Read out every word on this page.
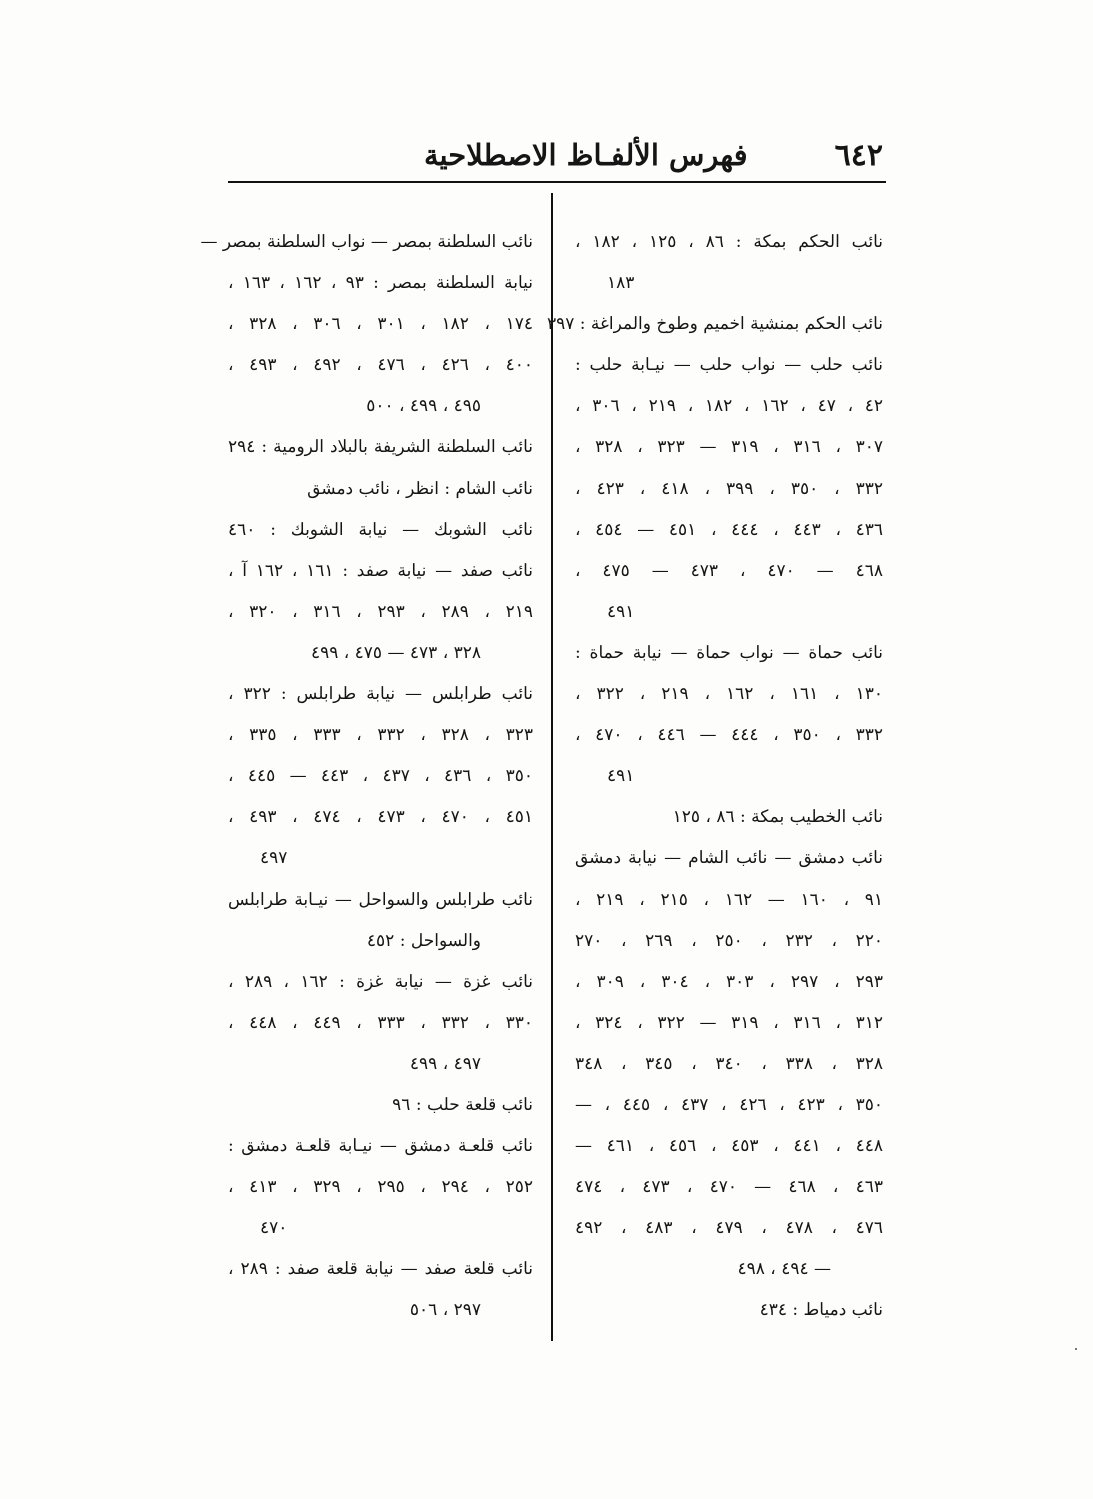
٦٤٢
فهرس الألفـاظ الاصطلاحية
نائب الحكم بمكة : ٨٦ ، ١٢٥ ، ١٨٢ ،
١٨٣
نائب الحكم بمنشية اخميم وطوخ والمراغة : ٣٩٧
نائب حلب — نواب حلب — نيـابة حلب :
٤٢ ، ٤٧ ، ١٦٢ ، ١٨٢ ، ٢١٩ ، ٣٠٦ ،
٣٠٧ ، ٣١٦ ، ٣١٩ — ٣٢٣ ، ٣٢٨ ،
٣٣٢ ، ٣٥٠ ، ٣٩٩ ، ٤١٨ ، ٤٢٣ ،
٤٣٦ ، ٤٤٣ ، ٤٤٤ ، ٤٥١ — ٤٥٤ ،
٤٦٨ — ٤٧٠ ، ٤٧٣ — ٤٧٥ ،
٤٩١
نائب حماة — نواب حماة — نيابة حماة :
١٣٠ ، ١٦١ ، ١٦٢ ، ٢١٩ ، ٣٢٢ ،
٣٣٢ ، ٣٥٠ ، ٤٤٤ — ٤٤٦ ، ٤٧٠ ،
٤٩١
نائب الخطيب بمكة : ٨٦ ، ١٢٥
نائب دمشق — نائب الشام — نيابة دمشق
٩١ ، ١٦٠ — ١٦٢ ، ٢١٥ ، ٢١٩ ،
٢٢٠ ، ٢٣٢ ، ٢٥٠ ، ٢٦٩ ، ٢٧٠
٢٩٣ ، ٢٩٧ ، ٣٠٣ ، ٣٠٤ ، ٣٠٩ ،
٣١٢ ، ٣١٦ ، ٣١٩ — ٣٢٢ ، ٣٢٤ ،
٣٢٨ ، ٣٣٨ ، ٣٤٠ ، ٣٤٥ ، ٣٤٨
٣٥٠ ، ٤٢٣ ، ٤٢٦ ، ٤٣٧ ، ٤٤٥ ، —
٤٤٨ ، ٤٤١ ، ٤٥٣ ، ٤٥٦ ، ٤٦١ —
٤٦٣ ، ٤٦٨ — ٤٧٠ ، ٤٧٣ ، ٤٧٤
٤٧٦ ، ٤٧٨ ، ٤٧٩ ، ٤٨٣ ، ٤٩٢
— ٤٩٤ ، ٤٩٨
نائب دمياط : ٤٣٤
نائب السلطنة بمصر — نواب السلطنة بمصر —
نيابة السلطنة بمصر : ٩٣ ، ١٦٢ ، ١٦٣ ،
١٧٤ ، ١٨٢ ، ٣٠١ ، ٣٠٦ ، ٣٢٨ ،
٤٠٠ ، ٤٢٦ ، ٤٧٦ ، ٤٩٢ ، ٤٩٣ ،
٤٩٥ ، ٤٩٩ ، ٥٠٠
نائب السلطنة الشريفة بالبلاد الرومية : ٢٩٤
نائب الشام : انظر ، نائب دمشق
نائب الشوبك — نيابة الشوبك : ٤٦٠
نائب صفد — نيابة صفد : ١٦١ ، ١٦٢ آ ،
٢١٩ ، ٢٨٩ ، ٢٩٣ ، ٣١٦ ، ٣٢٠ ،
٣٢٨ ، ٤٧٣ — ٤٧٥ ، ٤٩٩
نائب طرابلس — نيابة طرابلس : ٣٢٢ ،
٣٢٣ ، ٣٢٨ ، ٣٣٢ ، ٣٣٣ ، ٣٣٥ ،
٣٥٠ ، ٤٣٦ ، ٤٣٧ ، ٤٤٣ — ٤٤٥ ،
٤٥١ ، ٤٧٠ ، ٤٧٣ ، ٤٧٤ ، ٤٩٣ ،
٤٩٧
نائب طرابلس والسواحل — نيـابة طرابلس
والسواحل : ٤٥٢
نائب غزة — نيابة غزة : ١٦٢ ، ٢٨٩ ،
٣٣٠ ، ٣٣٢ ، ٣٣٣ ، ٤٤٩ ، ٤٤٨ ،
٤٩٧ ، ٤٩٩
نائب قلعة حلب : ٩٦
نائب قلعـة دمشق — نيـابة قلعـة دمشق :
٢٥٢ ، ٢٩٤ ، ٢٩٥ ، ٣٢٩ ، ٤١٣ ،
٤٧٠
نائب قلعة صفد — نيابة قلعة صفد : ٢٨٩ ،
٢٩٧ ، ٥٠٦
